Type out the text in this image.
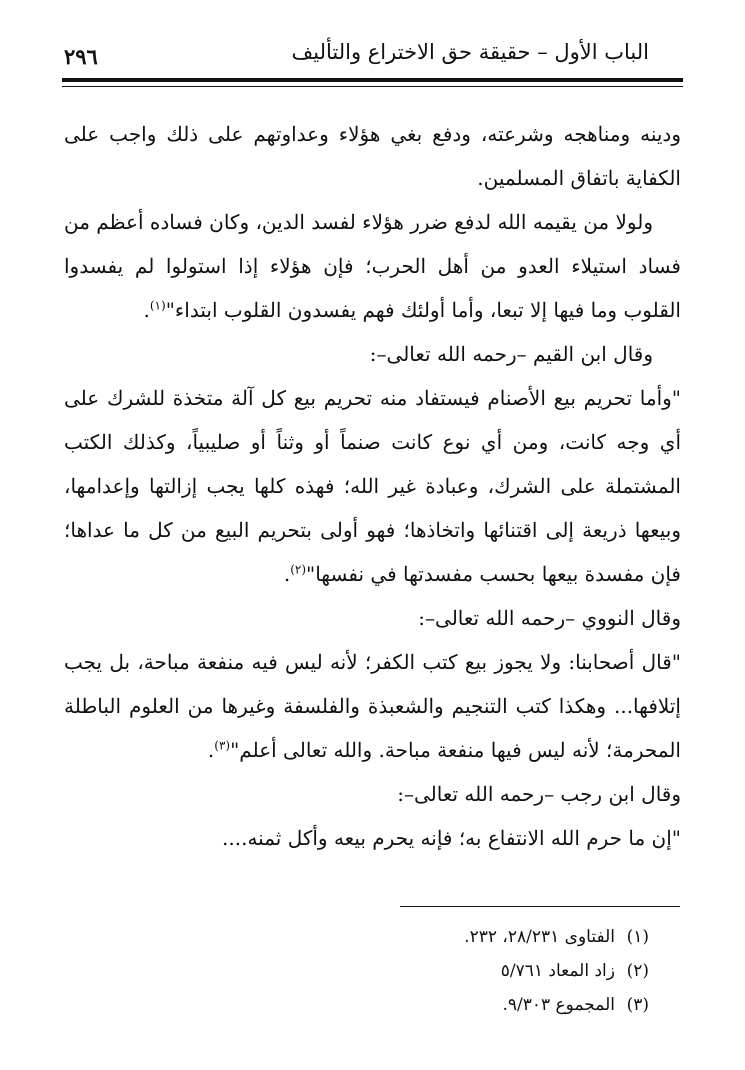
الباب الأول – حقيقة حق الاختراع والتأليف
٢٩٦

ودينه ومناهجه وشرعته، ودفع بغي هؤلاء وعداوتهم على ذلك واجب على الكفاية باتفاق المسلمين.

ولولا من يقيمه الله لدفع ضرر هؤلاء لفسد الدين، وكان فساده أعظم من فساد استيلاء العدو من أهل الحرب؛ فإن هؤلاء إذا استولوا لم يفسدوا القلوب وما فيها إلا تبعا، وأما أولئك فهم يفسدون القلوب ابتداء"$^{(١)}$.

وقال ابن القيم –رحمه الله تعالى–:

"وأما تحريم بيع الأصنام فيستفاد منه تحريم بيع كل آلة متخذة للشرك على أي وجه كانت، ومن أي نوع كانت صنماً أو وثناً أو صليبياً، وكذلك الكتب المشتملة على الشرك، وعبادة غير الله؛ فهذه كلها يجب إزالتها وإعدامها، وبيعها ذريعة إلى اقتنائها واتخاذها؛ فهو أولى بتحريم البيع من كل ما عداها؛ فإن مفسدة بيعها بحسب مفسدتها في نفسها"$^{(٢)}$.

وقال النووي –رحمه الله تعالى–:

"قال أصحابنا: ولا يجوز بيع كتب الكفر؛ لأنه ليس فيه منفعة مباحة، بل يجب إتلافها... وهكذا كتب التنجيم والشعبذة والفلسفة وغيرها من العلوم الباطلة المحرمة؛ لأنه ليس فيها منفعة مباحة. والله تعالى أعلم"$^{(٣)}$.

وقال ابن رجب –رحمه الله تعالى–:

"إن ما حرم الله الانتفاع به؛ فإنه يحرم بيعه وأكل ثمنه....

(١)الفتاوى ٢٨/٢٣١، ٢٣٢.
(٢)زاد المعاد ٥/٧٦١
(٣)المجموع ٩/٣٠٣.
